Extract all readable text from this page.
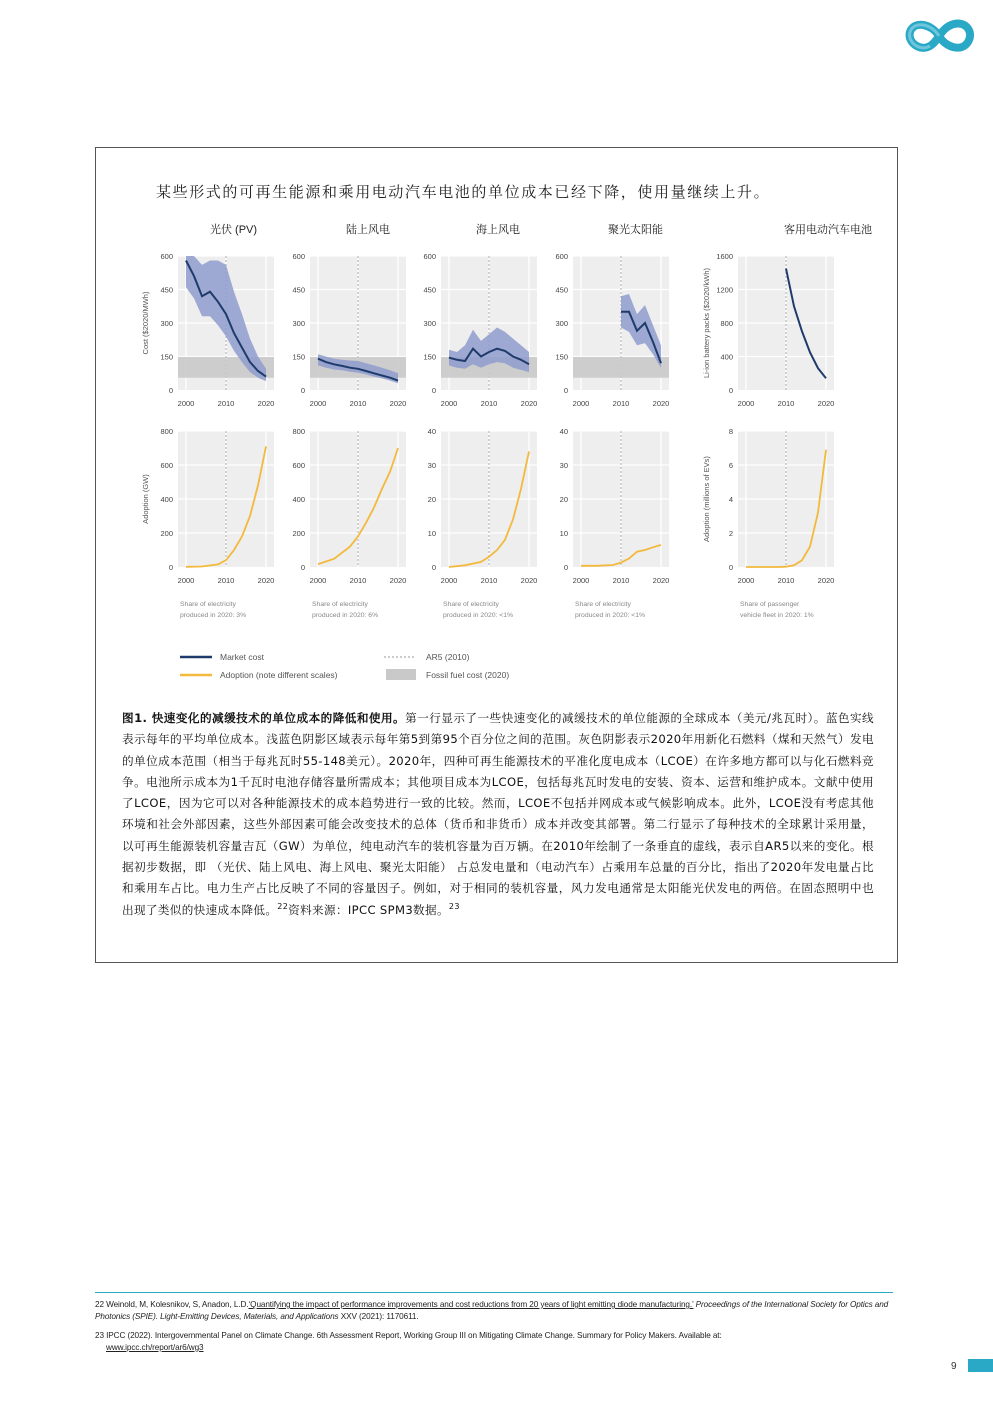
某些形式的可再生能源和乘用电动汽车电池的单位成本已经下降，使用量继续上升。
光伏 (PV)	陆上风电	海上风电	聚光太阳能	客用电动汽车电池
0
150
300
450
600
2000	2010	2020
0
200
400
600
800
2000	2010	2020
0
150
300
450
600
2000	2010	2020
0
200
400
600
800
2000	2010	2020
0
150
300
450
600
2000	2010	2020
0
10
20
30
40
2000	2010	2020
0
150
300
450
600
2000	2010	2020
0
10
20
30
40
2000	2010	2020
0
400
800
1200
1600
2000	2010	2020
0
2
4
6
8
2000	2010	2020
Cost ($2020/MWh)	Li-ion battery packs ($2020/kWh)
Adoption (GW)	Adoption (millions of EVs)
Share of electricity
produced in 2020: 3%
Share of electricity
produced in 2020: 6%
Share of electricity
produced in 2020: <1%
Share of electricity
produced in 2020: <1%
Share of passenger
vehicle fleet in 2020: 1%
Market cost
Adoption (note different scales)
AR5 (2010)
Fossil fuel cost (2020)
图1. 快速变化的减缓技术的单位成本的降低和使用。第一行显示了一些快速变化的减缓技术的单位能源的全球成本（美元/兆瓦时）。蓝色实线表示每年的平均单位成本。浅蓝色阴影区域表示每年第5到第95个百分位之间的范围。灰色阴影表示2020年用新化石燃料（煤和天然气）发电的单位成本范围（相当于每兆瓦时55-148美元）。2020年，四种可再生能源技术的平准化度电成本（LCOE）在许多地方都可以与化石燃料竞争。电池所示成本为1千瓦时电池存储容量所需成本；其他项目成本为LCOE，包括每兆瓦时发电的安装、资本、运营和维护成本。文献中使用了LCOE，因为它可以对各种能源技术的成本趋势进行一致的比较。然而，LCOE不包括并网成本或气候影响成本。此外，LCOE没有考虑其他环境和社会外部因素，这些外部因素可能会改变技术的总体（货币和非货币）成本并改变其部署。第二行显示了每种技术的全球累计采用量，以可再生能源装机容量吉瓦（GW）为单位，纯电动汽车的装机容量为百万辆。在2010年绘制了一条垂直的虚线，表示自AR5以来的变化。根据初步数据，即 （光伏、陆上风电、海上风电、聚光太阳能） 占总发电量和（电动汽车）占乘用车总量的百分比，指出了2020年发电量占比和乘用车占比。电力生产占比反映了不同的容量因子。例如，对于相同的装机容量，风力发电通常是太阳能光伏发电的两倍。在固态照明中也出现了类似的快速成本降低。$^{22}$资料来源：IPCC SPM3数据。$^{23}$
22 Weinold, M, Kolesnikov, S, Anadon, L.D.‘Quantifying the impact of performance improvements and cost reductions from 20 years of light emitting diode manufacturing.’ Proceedings of the International Society for Optics and Photonics (SPIE). Light-Emitting Devices, Materials, and Applications XXV (2021): 1170611.
23 IPCC (2022). Intergovernmental Panel on Climate Change. 6th Assessment Report, Working Group III on Mitigating Climate Change. Summary for Policy Makers. Available at:
www.ipcc.ch/report/ar6/wg3
9
